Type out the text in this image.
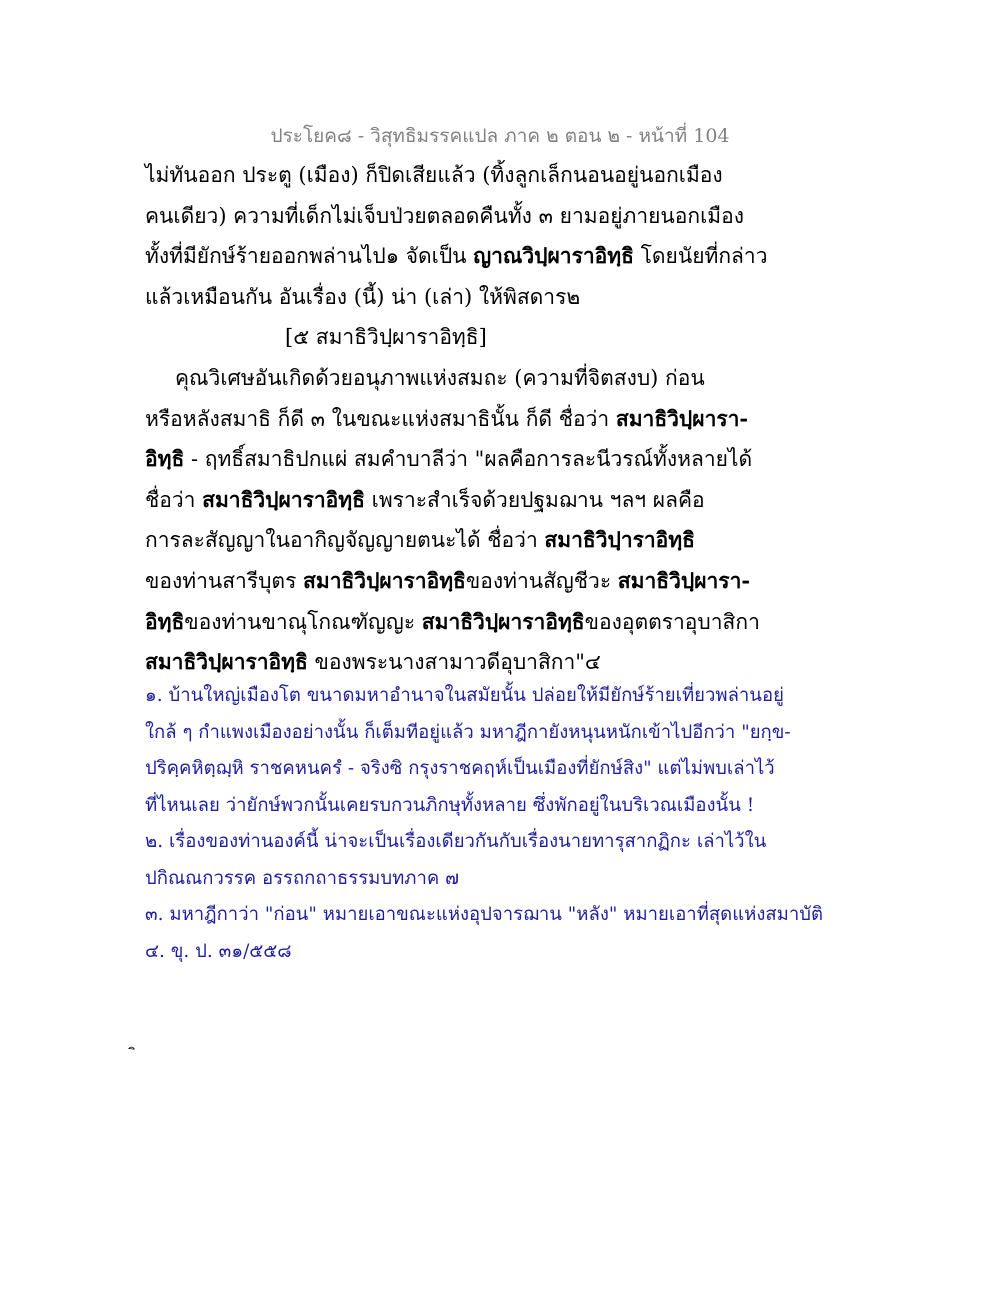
ประโยค๘ - วิสุทธิมรรคแปล ภาค ๒ ตอน ๒ - หน้าที่ 104
ไม่ทันออก ประตู (เมือง) ก็ปิดเสียแล้ว (ทิ้งลูกเล็กนอนอยู่นอกเมือง
คนเดียว) ความที่เด็กไม่เจ็บป่วยตลอดคืนทั้ง ๓ ยามอยู่ภายนอกเมือง
ทั้งที่มียักษ์ร้ายออกพล่านไป๑ จัดเป็น ญาณวิปฺผาราอิทฺธิ โดยนัยที่กล่าว
แล้วเหมือนกัน อันเรื่อง (นี้) น่า (เล่า) ให้พิสดาร๒
[๕ สมาธิวิปฺผาราอิทฺธิ]
คุณวิเศษอันเกิดด้วยอนุภาพแห่งสมถะ (ความที่จิตสงบ) ก่อน
หรือหลังสมาธิ ก็ดี ๓ ในขณะแห่งสมาธินั้น ก็ดี ชื่อว่า สมาธิวิปฺผารา-
อิทฺธิ - ฤทธิ์สมาธิปกแผ่ สมคำบาลีว่า "ผลคือการละนีวรณ์ทั้งหลายได้
ชื่อว่า สมาธิวิปฺผาราอิทฺธิ เพราะสำเร็จด้วยปฐมฌาน ฯลฯ ผลคือ
การละสัญญาในอากิญจัญญายตนะได้ ชื่อว่า สมาธิวิปฺาราอิทฺธิ
ของท่านสารีบุตร สมาธิวิปฺผาราอิทฺธิของท่านสัญชีวะ สมาธิวิปฺผารา-
อิทฺธิของท่านขาณุโกณฑัญญะ สมาธิวิปฺผาราอิทฺธิของอุตตราอุบาสิกา
สมาธิวิปฺผาราอิทฺธิ ของพระนางสามาวดีอุบาสิกา"๔
๑. บ้านใหญ่เมืองโต ขนาดมหาอำนาจในสมัยนั้น ปล่อยให้มียักษ์ร้ายเที่ยวพล่านอยู่
ใกล้ ๆ กำแพงเมืองอย่างนั้น ก็เต็มทีอยู่แล้ว มหาฎีกายังหนุนหนักเข้าไปอีกว่า "ยกฺข-
ปริคฺคหิตฺฌฺหิ ราชคหนครํ - จริงซิ กรุงราชคฤห์เป็นเมืองที่ยักษ์สิง" แต่ไม่พบเล่าไว้
ที่ไหนเลย ว่ายักษ์พวกนั้นเคยรบกวนภิกษุทั้งหลาย ซึ่งพักอยู่ในบริเวณเมืองนั้น !
๒. เรื่องของท่านองค์นี้ น่าจะเป็นเรื่องเดียวกันกับเรื่องนายทารุสากฏิกะ เล่าไว้ใน
ปกิณณกวรรค อรรถกถาธรรมบทภาค ๗
๓. มหาฎีกาว่า "ก่อน" หมายเอาขณะแห่งอุปจารฌาน "หลัง" หมายเอาที่สุดแห่งสมาบัติ
๔. ขุ. ป. ๓๑/๕๕๘
